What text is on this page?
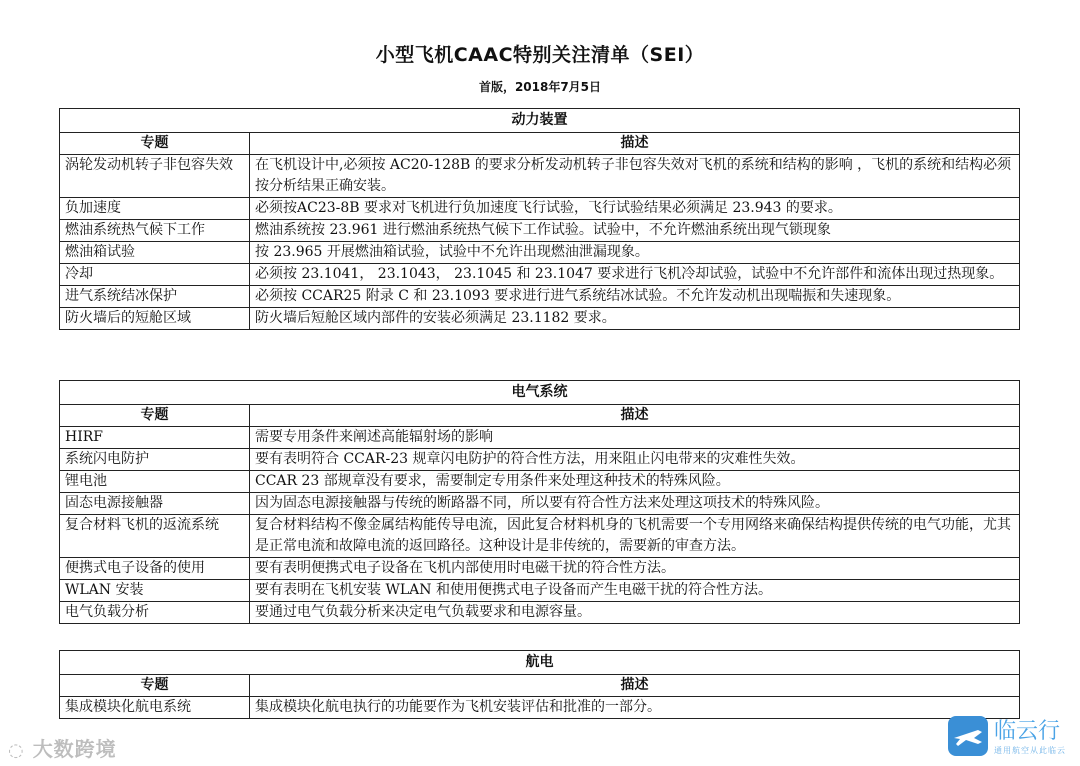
小型飞机CAAC特别关注清单（SEI）
首版，2018年7月5日
动力装置	
专题	描述
涡轮发动机转子非包容失效	在飞机设计中,必须按 AC20-128B 的要求分析发动机转子非包容失效对飞机的系统和结构的影响 ，飞机的系统和结构必须按分析结果正确安装。
负加速度	必须按AC23-8B 要求对飞机进行负加速度飞行试验，飞行试验结果必须满足 23.943 的要求。
燃油系统热气候下工作	燃油系统按 23.961 进行燃油系统热气候下工作试验。试验中，不允许燃油系统出现气锁现象
燃油箱试验	按 23.965 开展燃油箱试验，试验中不允许出现燃油泄漏现象。
冷却	必须按 23.1041， 23.1043， 23.1045 和 23.1047 要求进行飞机冷却试验，试验中不允许部件和流体出现过热现象。
进气系统结冰保护	必须按 CCAR25 附录 C 和 23.1093 要求进行进气系统结冰试验。不允许发动机出现喘振和失速现象。
防火墙后的短舱区域	防火墙后短舱区域内部件的安装必须满足 23.1182 要求。
电气系统	
专题	描述
HIRF	需要专用条件来阐述高能辐射场的影响
系统闪电防护	要有表明符合 CCAR-23 规章闪电防护的符合性方法，用来阻止闪电带来的灾难性失效。
锂电池	CCAR 23 部规章没有要求，需要制定专用条件来处理这种技术的特殊风险。
固态电源接触器	因为固态电源接触器与传统的断路器不同，所以要有符合性方法来处理这项技术的特殊风险。
复合材料飞机的返流系统	复合材料结构不像金属结构能传导电流，因此复合材料机身的飞机需要一个专用网络来确保结构提供传统的电气功能，尤其是正常电流和故障电流的返回路径。这种设计是非传统的，需要新的审查方法。
便携式电子设备的使用	要有表明便携式电子设备在飞机内部使用时电磁干扰的符合性方法。
WLAN 安装	要有表明在飞机安装 WLAN 和使用便携式电子设备而产生电磁干扰的符合性方法。
电气负载分析	要通过电气负载分析来决定电气负载要求和电源容量。
航电	
专题	描述
集成模块化航电系统	集成模块化航电执行的功能要作为飞机安装评估和批准的一部分。
◌ 大数跨境
临云行
通用航空从此临云
